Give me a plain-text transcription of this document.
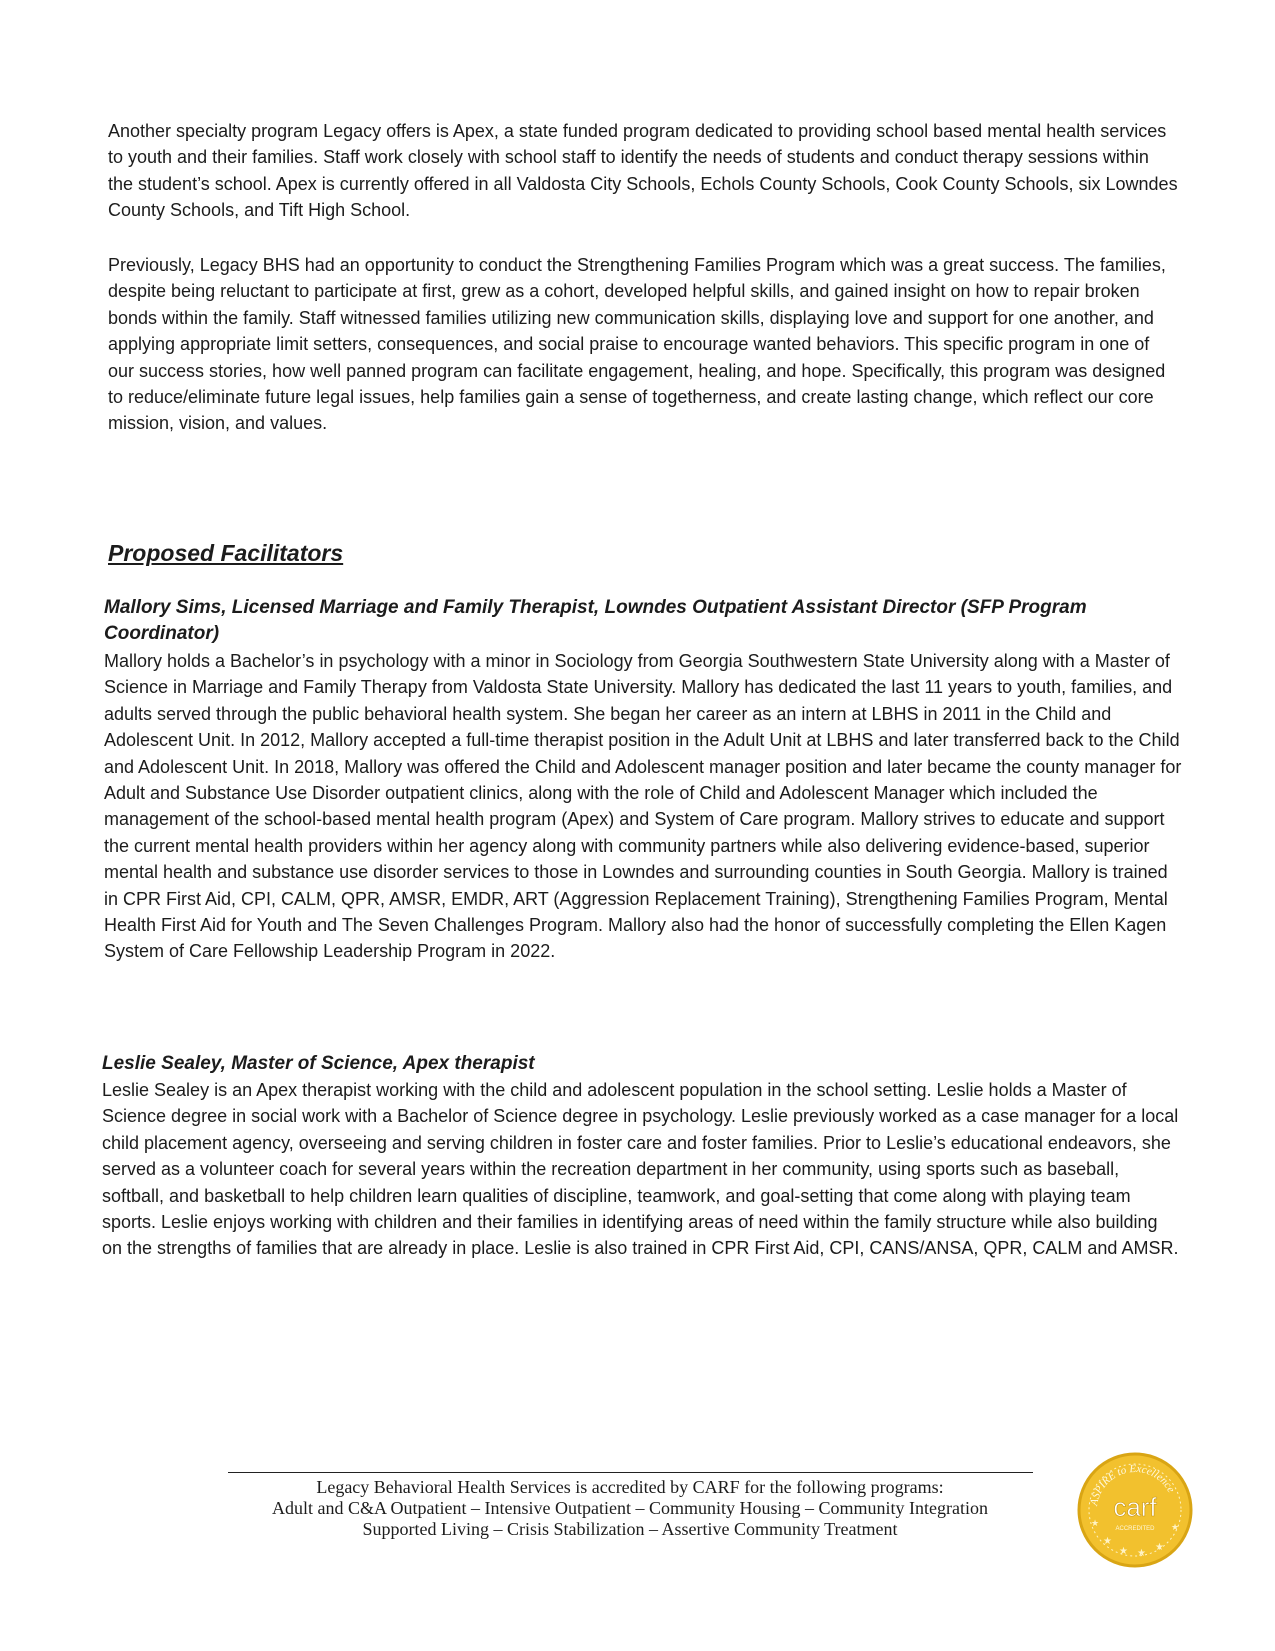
Another specialty program Legacy offers is Apex, a state funded program dedicated to providing school based mental health services to youth and their families. Staff work closely with school staff to identify the needs of students and conduct therapy sessions within the student’s school. Apex is currently offered in all Valdosta City Schools, Echols County Schools, Cook County Schools, six Lowndes County Schools, and Tift High School.

Previously, Legacy BHS had an opportunity to conduct the Strengthening Families Program which was a great success. The families, despite being reluctant to participate at first, grew as a cohort, developed helpful skills, and gained insight on how to repair broken bonds within the family. Staff witnessed families utilizing new communication skills, displaying love and support for one another, and applying appropriate limit setters, consequences, and social praise to encourage wanted behaviors. This specific program in one of our success stories, how well panned program can facilitate engagement, healing, and hope. Specifically, this program was designed to reduce/eliminate future legal issues, help families gain a sense of togetherness, and create lasting change, which reflect our core mission, vision, and values.

Proposed Facilitators
Mallory Sims, Licensed Marriage and Family Therapist, Lowndes Outpatient Assistant Director (SFP Program Coordinator)

Mallory holds a Bachelor’s in psychology with a minor in Sociology from Georgia Southwestern State University along with a Master of Science in Marriage and Family Therapy from Valdosta State University. Mallory has dedicated the last 11 years to youth, families, and adults served through the public behavioral health system. She began her career as an intern at LBHS in 2011 in the Child and Adolescent Unit. In 2012, Mallory accepted a full-time therapist position in the Adult Unit at LBHS and later transferred back to the Child and Adolescent Unit. In 2018, Mallory was offered the Child and Adolescent manager position and later became the county manager for Adult and Substance Use Disorder outpatient clinics, along with the role of Child and Adolescent Manager which included the management of the school-based mental health program (Apex) and System of Care program. Mallory strives to educate and support the current mental health providers within her agency along with community partners while also delivering evidence-based, superior mental health and substance use disorder services to those in Lowndes and surrounding counties in South Georgia. Mallory is trained in CPR First Aid, CPI, CALM, QPR, AMSR, EMDR, ART (Aggression Replacement Training), Strengthening Families Program, Mental Health First Aid for Youth and The Seven Challenges Program. Mallory also had the honor of successfully completing the Ellen Kagen System of Care Fellowship Leadership Program in 2022.

Leslie Sealey, Master of Science, Apex therapist

Leslie Sealey is an Apex therapist working with the child and adolescent population in the school setting. Leslie holds a Master of Science degree in social work with a Bachelor of Science degree in psychology. Leslie previously worked as a case manager for a local child placement agency, overseeing and serving children in foster care and foster families. Prior to Leslie’s educational endeavors, she served as a volunteer coach for several years within the recreation department in her community, using sports such as baseball, softball, and basketball to help children learn qualities of discipline, teamwork, and goal-setting that come along with playing team sports. Leslie enjoys working with children and their families in identifying areas of need within the family structure while also building on the strengths of families that are already in place. Leslie is also trained in CPR First Aid, CPI, CANS/ANSA, QPR, CALM and AMSR.

Legacy Behavioral Health Services is accredited by CARF for the following programs:
Adult and C&A Outpatient – Intensive Outpatient – Community Housing – Community Integration
Supported Living – Crisis Stabilization – Assertive Community Treatment
ASPIRE to Excellence
carf
ACCREDITED
★
★ ★
★
★	★
